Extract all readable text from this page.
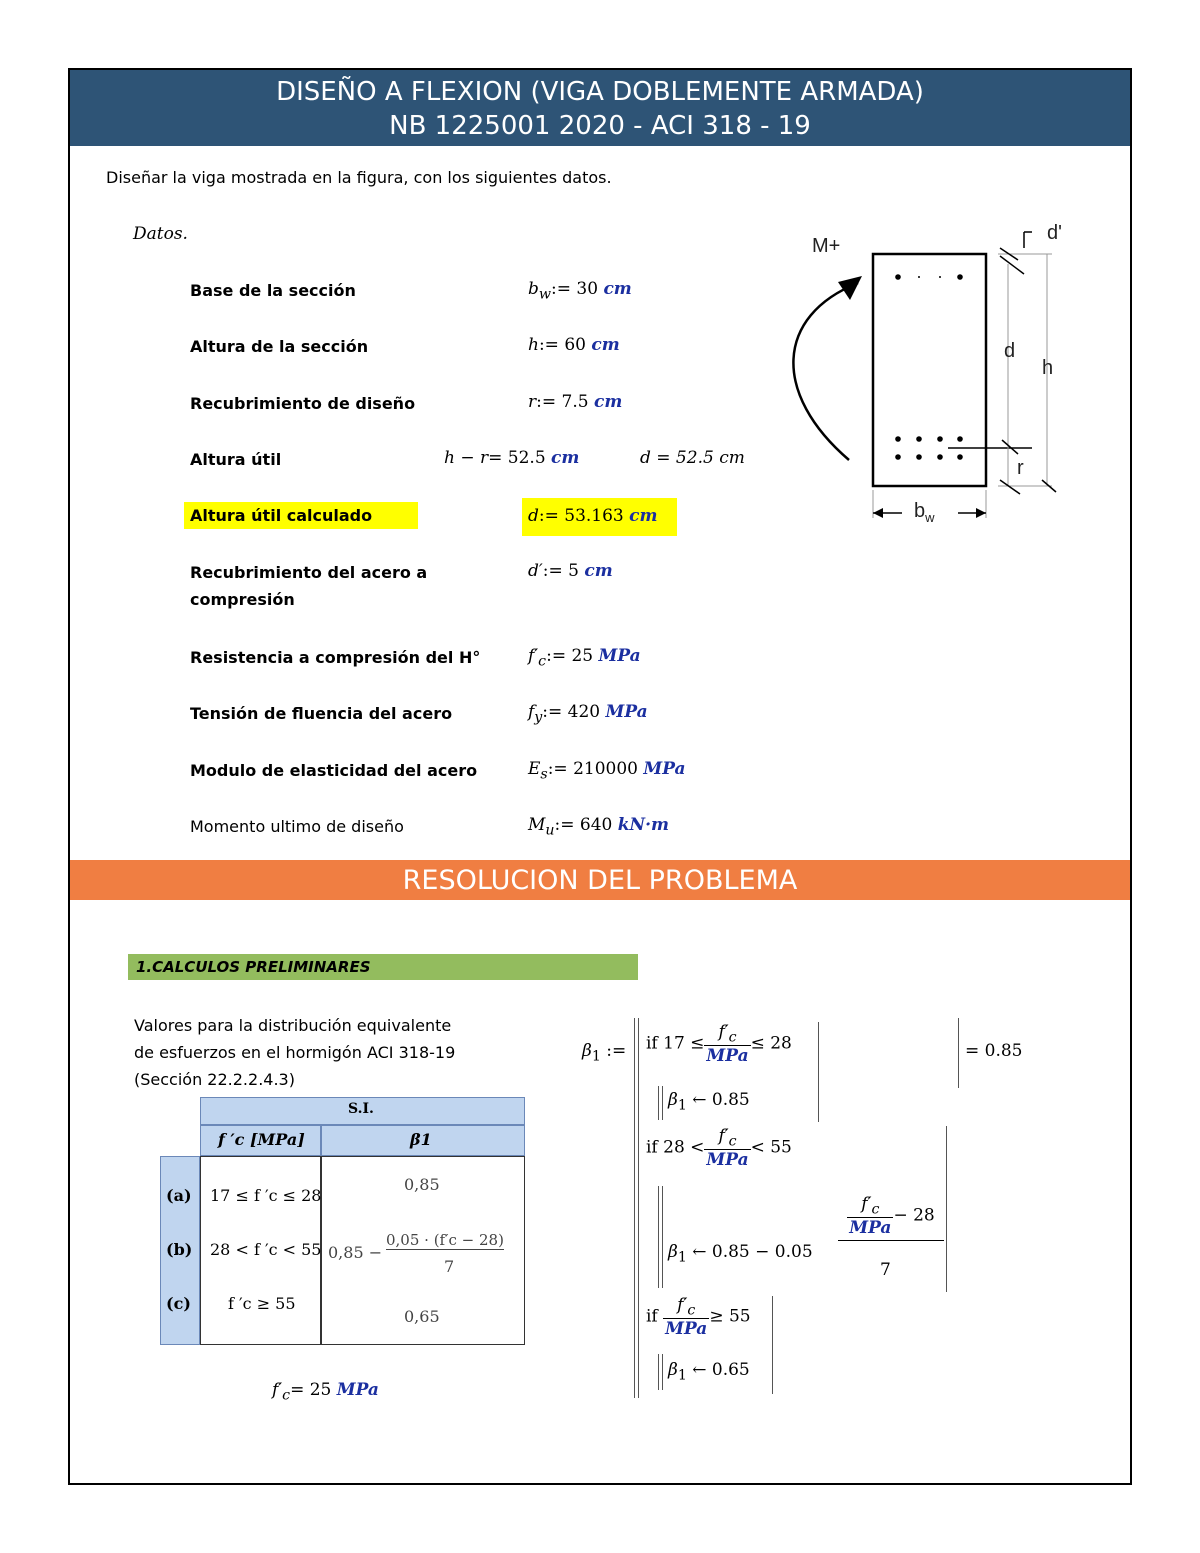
DISEÑO A FLEXION (VIGA DOBLEMENTE ARMADA)
NB 1225001 2020 - ACI 318 - 19
Diseñar la viga mostrada en la figura, con los siguientes datos.
Datos.
Base de la sección
Altura de la sección
Recubrimiento de diseño
Altura útil
Altura útil calculado
Recubrimiento del acero a
compresión
Resistencia a compresión del H°
Tensión de fluencia del acero
Modulo de elasticidad del acero
Momento ultimo de diseño
$b_w:= 30$ cm
h:= 60 cm
r:= 7.5 cm
h − r= 52.5 cm	d = 52.5 cm
d:= 53.163 cm
d′:= 5 cm
$f'_c:= 25$ MPa
$f_y:= 420$ MPa
$E_s:= 210000$ MPa
$M_u:= 640$ kN·m
M+
d'
d
h
r
$b_w$
RESOLUCION DEL PROBLEMA
1.CALCULOS PRELIMINARES
Valores para la distribución equivalente
de esfuerzos en el hormigón ACI 318-19
(Sección 22.2.2.4.3)
S.I.
f ′c [MPa]	β1
(a) 17 ≤ f ′c ≤ 28
0,85
(b) 28 < f ′c < 55 0,85 −
0,05 · (f′c − 28)
7
(c) f ′c ≥ 55
0,65
$f'_c= 25$ MPa
$\beta_1$ := if $17 \le \frac{f'_c}{\text{MPa}} \le 28$
$\beta_1$ ← 0.85
if $28 < \frac{f'_c}{\text{MPa}} < 55$
$\beta_1$ ← 0.85 − 0.05
$\frac{f'_c}{\text{MPa}} - 28$
7
if $\frac{f'_c}{\text{MPa}} \ge 55$
$\beta_1$ ← 0.65
= 0.85
